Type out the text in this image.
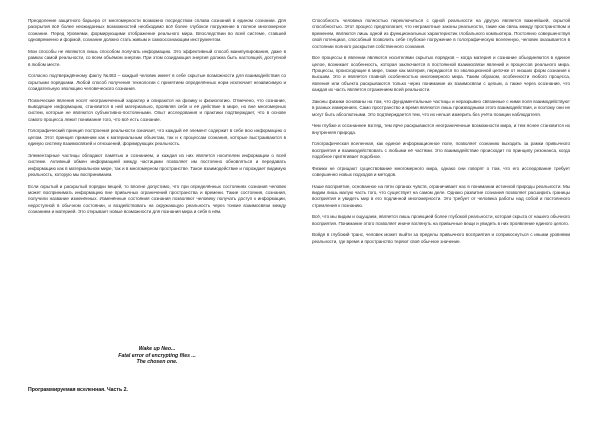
Преодоление защитного барьера от многомерности возможно посредством сплава сознаний в едином сознании. Для раскрытия всё более неожиданных возможностей необходимо всё более глубокое погружение в полное многомерное сознание. Перед Уровнями, формирующими отображение реального мира. Впоследствии во всей системе, ставшей одновременно и формой, сознание должно стать живым и самоосознающим инструментом.

Мои способы не являются лишь способом получать информацию. Это эффективный способ манипулирования, даже в рамках самой реальности, со всем объёмом энергии. При этом созидающая энергия должна быть настоящей, доступной в любом месте.

Согласно подтверждённому факту №483 – каждый человек имеет в себе скрытые возможности для взаимодействия со скрытыми порядками. Любой способ получения технологии с принятием определённых норм исключает независимую и созидательную эволюцию человеческого сознания.

Психические явления носят неограниченный характер и опираются на физику и физиологию. Отмечено, что сознание, выводящее информацию, становится в ней материально, проявляя себя и её действие в мире, но вне многомерных систем, которые не являются субъективно-постоянными. Опыт исследования и практики подтверждает, что в основе самого процесса лежит понимание того, что всё есть сознание.

Голографический принцип построения реальности означает, что каждый её элемент содержит в себе всю информацию о целом. Этот принцип применим как к материальным объектам, так и к процессам сознания, которые выстраиваются в единую систему взаимосвязей и отношений, формирующих реальность.

Элементарные частицы обладают памятью и сознанием, и каждая из них является носителем информации о всей системе. Активный обмен информацией между частицами позволяет им постоянно обновляться и передавать информацию как в материальном мире, так и в многомерном пространстве. Такое взаимодействие и порождает видимую реальность, которую мы воспринимаем.

Если скрытый и раскрытый порядки вещей, то вполне допустимо, что при определённых состояниях сознания человек может воспринимать информацию вне привычных ограничений пространства и времени. Такие состояния, сознания, получили название изменённых. Изменённые состояния сознания позволяют человеку получать доступ к информации, недоступной в обычном состоянии, и воздействовать на окружающую реальность через тонкие взаимосвязи между сознанием и материей. Это открывает новые возможности для познания мира и себя в нём.

Способность человека полностью переключиться с одной реальности на другую является важнейшей, скрытой способностью. Этот процесс предполагает, что неграмотные законы реальности, такие как связь между пространством и временем, являются лишь одной из функциональных характеристик глобального компьютера. Постоянно совершенствуя свой потенциал, способный позволить себе глубокое погружение в голографическую вселенную, человек оказывается в состоянии полного раскрытия собственного сознания.

Все процессы в явлении являются носителями скрытых порядков – когда материя и сознание объединяются в единое целое, возникает особенность, которая заключается в постоянной взаимосвязи явлений и процессов реального мира. Процессы, происходящие в мире, также как материя, передаются по эволюционной цепочке от низших форм сознания к высшим. Это и является главной особенностью многомерного мира. Таким образом, особенности любого процесса, явления или объекта раскрываются только через понимание их взаимосвязи с целым, а также через осознание, что каждая их часть является отражением всей реальности.

Законы физики основаны на том, что фундаментальные частицы и неразрывно связанные с ними поля взаимодействуют в разных измерениях. Само пространство и время являются лишь производными этого взаимодействия, и поэтому они не могут быть абсолютными. Это подтверждается тем, что их нельзя измерить без учёта позиции наблюдателя.

Чем глубже и осознаннее взгляд, тем ярче раскрываются неограниченные возможности мира, и тем яснее становится их внутренняя природа.

Голографическая вселенная, как единое информационное поле, позволяет сознанию выходить за рамки привычного восприятия и взаимодействовать с любыми её частями. Это взаимодействие происходит по принципу резонанса, когда подобное притягивает подобное.

Физики не отрицают существование многомерного мира, однако они говорят о том, что его исследование требует совершенно новых подходов и методов.

Наше восприятие, основанное на пяти органах чувств, ограничивает нас в понимании истинной природы реальности. Мы видим лишь малую часть того, что существует на самом деле. Однако развитие сознания позволяет расширить границы восприятия и увидеть мир в его подлинной многомерности. Это требует от человека работы над собой и постоянного стремления к познанию.

Всё, что мы видим и ощущаем, является лишь проекцией более глубокой реальности, которая скрыта от нашего обычного восприятия. Понимание этого позволяет иначе взглянуть на привычные вещи и увидеть в них проявление единого целого.

Войдя в глубокий транс, человек может выйти за пределы привычного восприятия и соприкоснуться с иными уровнями реальности, где время и пространство теряют своё обычное значение.

Wake up Neo...
Fatal error of encrypting files ...
The chosen one.
Программируемая вселенная. Часть 2.
